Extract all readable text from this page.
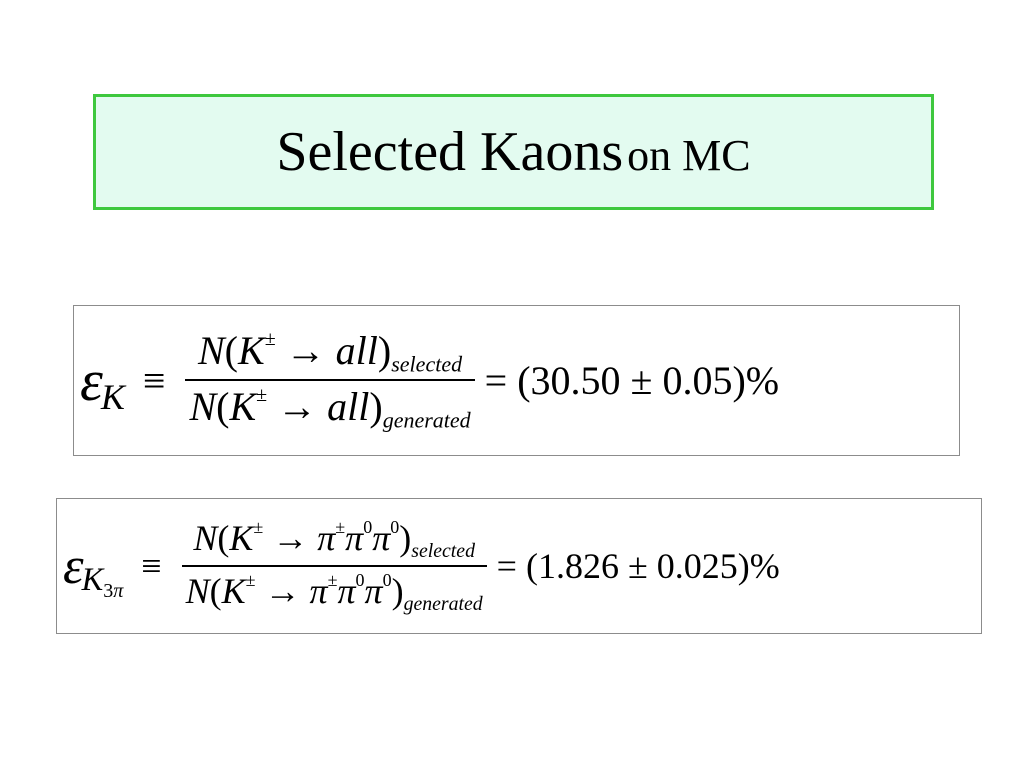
Selected Kaons on MC
ε
$K \equiv \frac{N(K^\pm \to all)selected}{N(K^\pm \to all)generated} = (30.50 \pm 0.05)\%$
ε
$K_{3\pi}$
≡ $\frac{N(K^\pm \to \pi^\pm\pi^0\pi^0)selected}{N(K^\pm \to \pi^\pm\pi^0\pi^0)generated} = (1.826 \pm 0.025)\%$
